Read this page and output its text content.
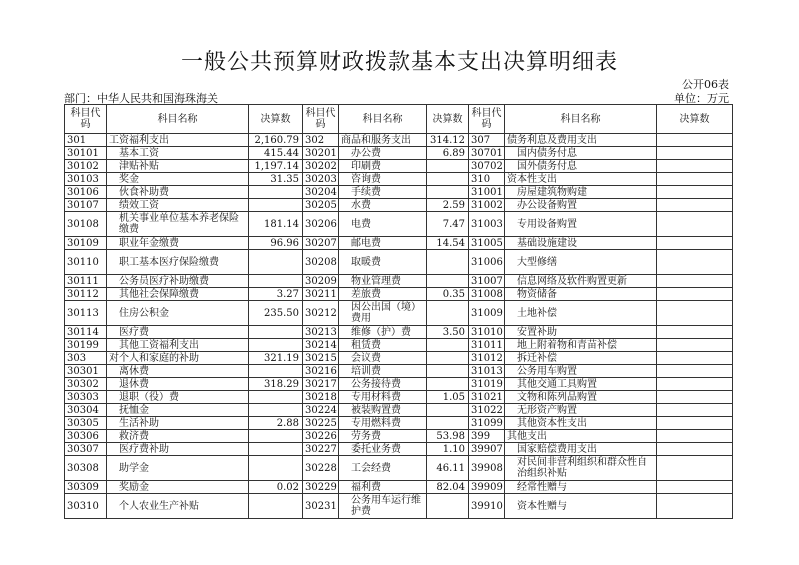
一般公共预算财政拨款基本支出决算明细表
公开06表
部门：中华人民共和国海珠海关	单位：万元
科目代码	科目名称	决算数	科目代码	科目名称	决算数	科目代码	科目名称	决算数
301	工资福利支出	2,160.79	302	商品和服务支出	314.12	307	债务利息及费用支出	
30101	基本工资	415.44	30201	办公费	6.89	30701	国内债务付息	
30102	津贴补贴	1,197.14	30202	印刷费		30702	国外债务付息	
30103	奖金	31.35	30203	咨询费		310	资本性支出	
30106	伙食补助费		30204	手续费		31001	房屋建筑物购建	
30107	绩效工资		30205	水费	2.59	31002	办公设备购置	
30108	机关事业单位基本养老保险缴费	181.14	30206	电费	7.47	31003	专用设备购置	
30109	职业年金缴费	96.96	30207	邮电费	14.54	31005	基础设施建设	
30110	职工基本医疗保险缴费		30208	取暖费		31006	大型修缮	
30111	公务员医疗补助缴费		30209	物业管理费		31007	信息网络及软件购置更新	
30112	其他社会保障缴费	3.27	30211	差旅费	0.35	31008	物资储备	
30113	住房公积金	235.50	30212	因公出国（境）费用		31009	土地补偿	
30114	医疗费		30213	维修（护）费	3.50	31010	安置补助	
30199	其他工资福利支出		30214	租赁费		31011	地上附着物和青苗补偿	
303	对个人和家庭的补助	321.19	30215	会议费		31012	拆迁补偿	
30301	离休费		30216	培训费		31013	公务用车购置	
30302	退休费	318.29	30217	公务接待费		31019	其他交通工具购置	
30303	退职（役）费		30218	专用材料费	1.05	31021	文物和陈列品购置	
30304	抚恤金		30224	被装购置费		31022	无形资产购置	
30305	生活补助	2.88	30225	专用燃料费		31099	其他资本性支出	
30306	救济费		30226	劳务费	53.98	399	其他支出	
30307	医疗费补助		30227	委托业务费	1.10	39907	国家赔偿费用支出	
30308	助学金		30228	工会经费	46.11	39908	对民间非营利组织和群众性自治组织补贴	
30309	奖励金	0.02	30229	福利费	82.04	39909	经常性赠与	
30310	个人农业生产补贴		30231	公务用车运行维护费		39910	资本性赠与	
